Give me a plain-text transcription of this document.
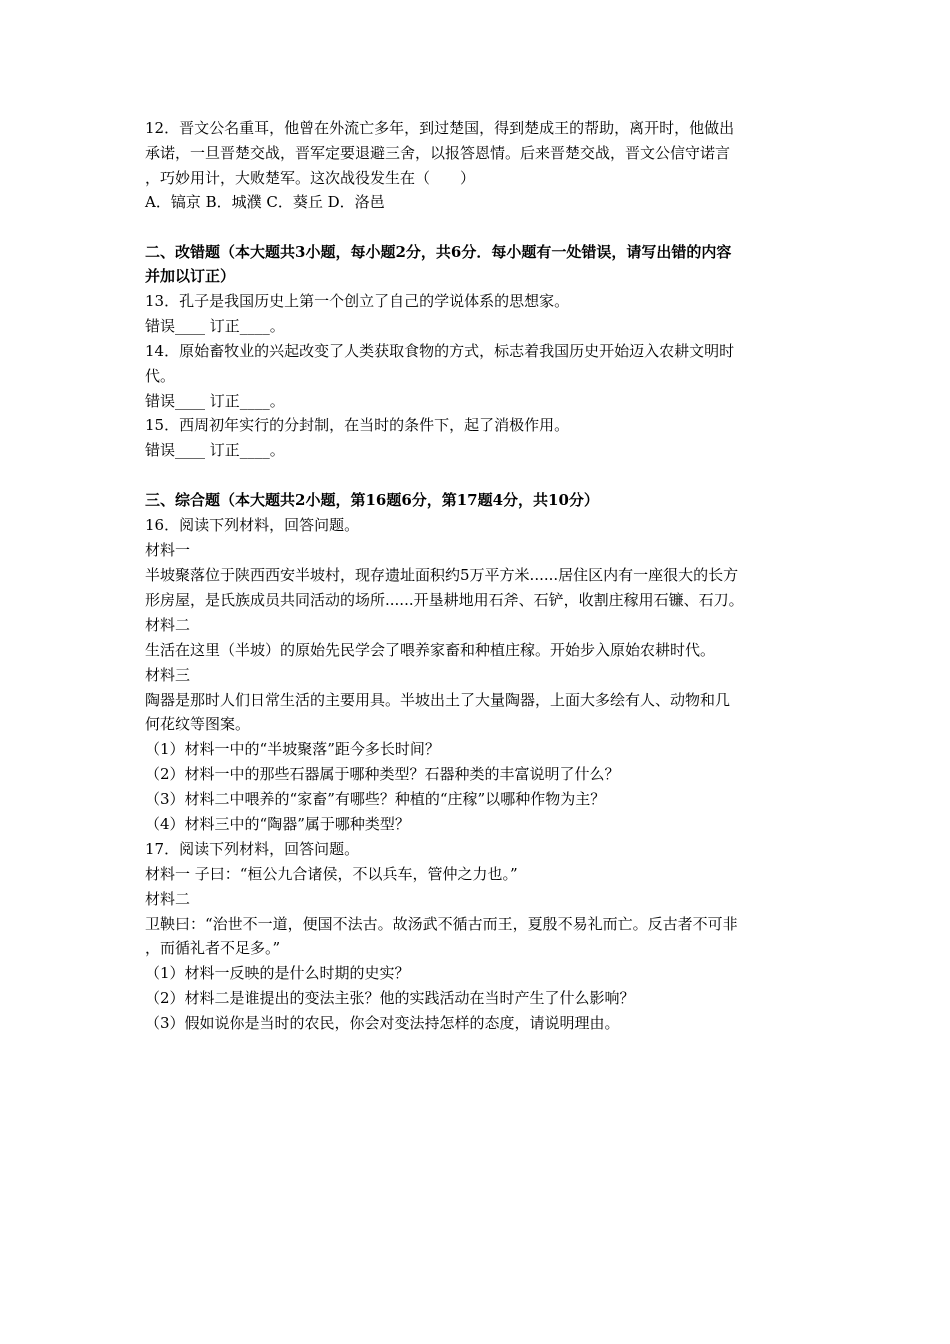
12．晋文公名重耳，他曾在外流亡多年，到过楚国，得到楚成王的帮助，离开时，他做出
承诺，一旦晋楚交战，晋军定要退避三舍，以报答恩情。后来晋楚交战，晋文公信守诺言
，巧妙用计，大败楚军。这次战役发生在（　　）
A．镐京 B．城濮 C．葵丘 D．洛邑
二、改错题（本大题共3小题，每小题2分，共6分．每小题有一处错误，请写出错的内容
并加以订正）
13．孔子是我国历史上第一个创立了自己的学说体系的思想家。
错误____ 订正____。
14．原始畜牧业的兴起改变了人类获取食物的方式，标志着我国历史开始迈入农耕文明时
代。
错误____ 订正____。
15．西周初年实行的分封制，在当时的条件下，起了消极作用。
错误____ 订正____。
三、综合题（本大题共2小题，第16题6分，第17题4分，共10分）
16．阅读下列材料，回答问题。
材料一
半坡聚落位于陕西西安半坡村，现存遗址面积约5万平方米......居住区内有一座很大的长方
形房屋，是氏族成员共同活动的场所......开垦耕地用石斧、石铲，收割庄稼用石镰、石刀。
材料二
生活在这里（半坡）的原始先民学会了喂养家畜和种植庄稼。开始步入原始农耕时代。
材料三
陶器是那时人们日常生活的主要用具。半坡出土了大量陶器，上面大多绘有人、动物和几
何花纹等图案。
（1）材料一中的“半坡聚落”距今多长时间？
（2）材料一中的那些石器属于哪种类型？石器种类的丰富说明了什么？
（3）材料二中喂养的“家畜”有哪些？种植的“庄稼”以哪种作物为主？
（4）材料三中的“陶器”属于哪种类型？
17．阅读下列材料，回答问题。
材料一 子曰：“桓公九合诸侯，不以兵车，管仲之力也。”
材料二
卫鞅曰：“治世不一道，便国不法古。故汤武不循古而王，夏殷不易礼而亡。反古者不可非
，而循礼者不足多。”
（1）材料一反映的是什么时期的史实？
（2）材料二是谁提出的变法主张？他的实践活动在当时产生了什么影响？
（3）假如说你是当时的农民，你会对变法持怎样的态度，请说明理由。
